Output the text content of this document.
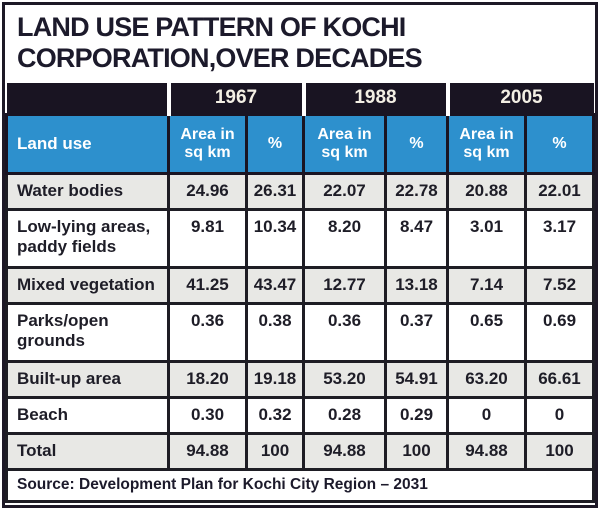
LAND USE PATTERN OF KOCHI
CORPORATION,OVER DECADES
	1967		1988		2005	
Land use	Area in sq km	%	Area in sq km	%	Area in sq km	%
Water bodies	24.96	26.31	22.07	22.78	20.88	22.01
Low-lying areas, paddy fields	9.81	10.34	8.20	8.47	3.01	3.17
Mixed vegetation	41.25	43.47	12.77	13.18	7.14	7.52
Parks/open grounds	0.36	0.38	0.36	0.37	0.65	0.69
Built-up area	18.20	19.18	53.20	54.91	63.20	66.61
Beach	0.30	0.32	0.28	0.29	0	0
Total	94.88	100	94.88	100	94.88	100
Source: Development Plan for Kochi City Region – 2031						
